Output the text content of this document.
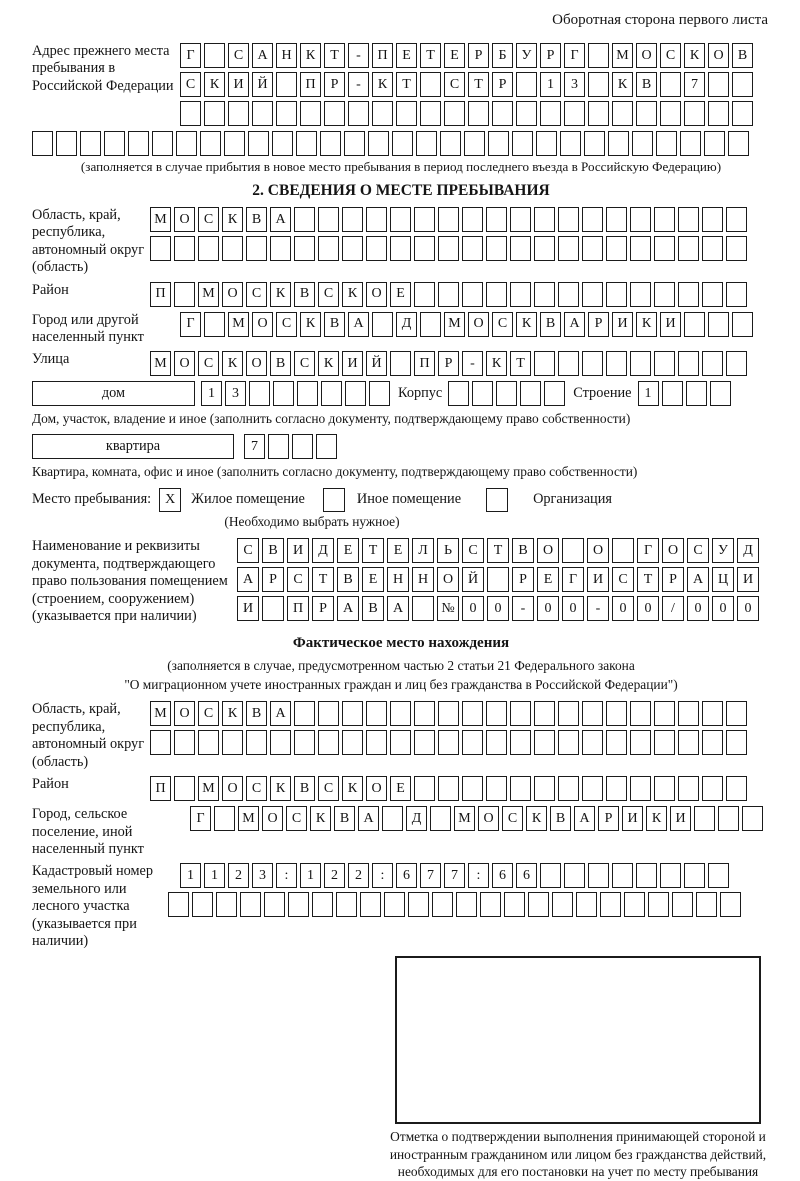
Оборотная сторона первого листа
Адрес прежнего места пребывания в Российской Федерации
Г	С	А Н	К	Т	-	П	Е	Т	Е	Р	Б	У	Р	Г	М О	С	К	О	В
С	К	И Й	П	Р	-	К	Т	С	Т	Р	1	3	К	В	7
(заполняется в случае прибытия в новое место пребывания в период последнего въезда в Российскую Федерацию)
2. СВЕДЕНИЯ О МЕСТЕ ПРЕБЫВАНИЯ
Область, край, республика, автономный округ (область)
М О	С	К	В	А
Район	П	М О	С	К	В	С	К	О	Е
Город или другой населенный пункт
Г	М О	С	К	В	А	Д	М О	С	К	В	А	Р	И	К	И
Улица	М О	С	К	О	В	С	К	И Й	П	Р	-	К	Т
дом	1	3	Корпус	Строение 1
Дом, участок, владение и иное (заполнить согласно документу, подтверждающему право собственности)
квартира	7
Квартира, комната, офис и иное (заполнить согласно документу, подтверждающему право собственности)
Место пребывания: X	Жилое помещение	Иное помещение	Организация
(Необходимо выбрать нужное)
Наименование и реквизиты документа, подтверждающего право пользования помещением (строением, сооружением) (указывается при наличии)
С	В	И	Д	Е	Т	Е	Л	Ь	С	Т	В	О	О	Г	О	С	У	Д
А	Р	С	Т	В	Е	Н	Н	О	Й	Р	Е	Г	И	С	Т	Р	А	Ц	И
И	П	Р	А	В	А	№	0	0	-	0	0	-	0	0	/	0	0	0
Фактическое место нахождения
(заполняется в случае, предусмотренном частью 2 статьи 21 Федерального закона
"О миграционном учете иностранных граждан и лиц без гражданства в Российской Федерации")
Область, край, республика, автономный округ (область)
М О	С	К	В	А
Район	П	М О	С	К	В	С	К	О	Е
Город, сельское поселение, иной населенный пункт
Г	М О	С	К	В	А	Д	М О	С	К	В	А	Р	И	К	И
Кадастровый номер земельного или лесного участка (указывается при наличии)
1	1	2	3	:	1	2	2	:	6	7	7	:	6	6
Отметка о подтверждении выполнения принимающей стороной и иностранным гражданином или лицом без гражданства действий, необходимых для его постановки на учет по месту пребывания
